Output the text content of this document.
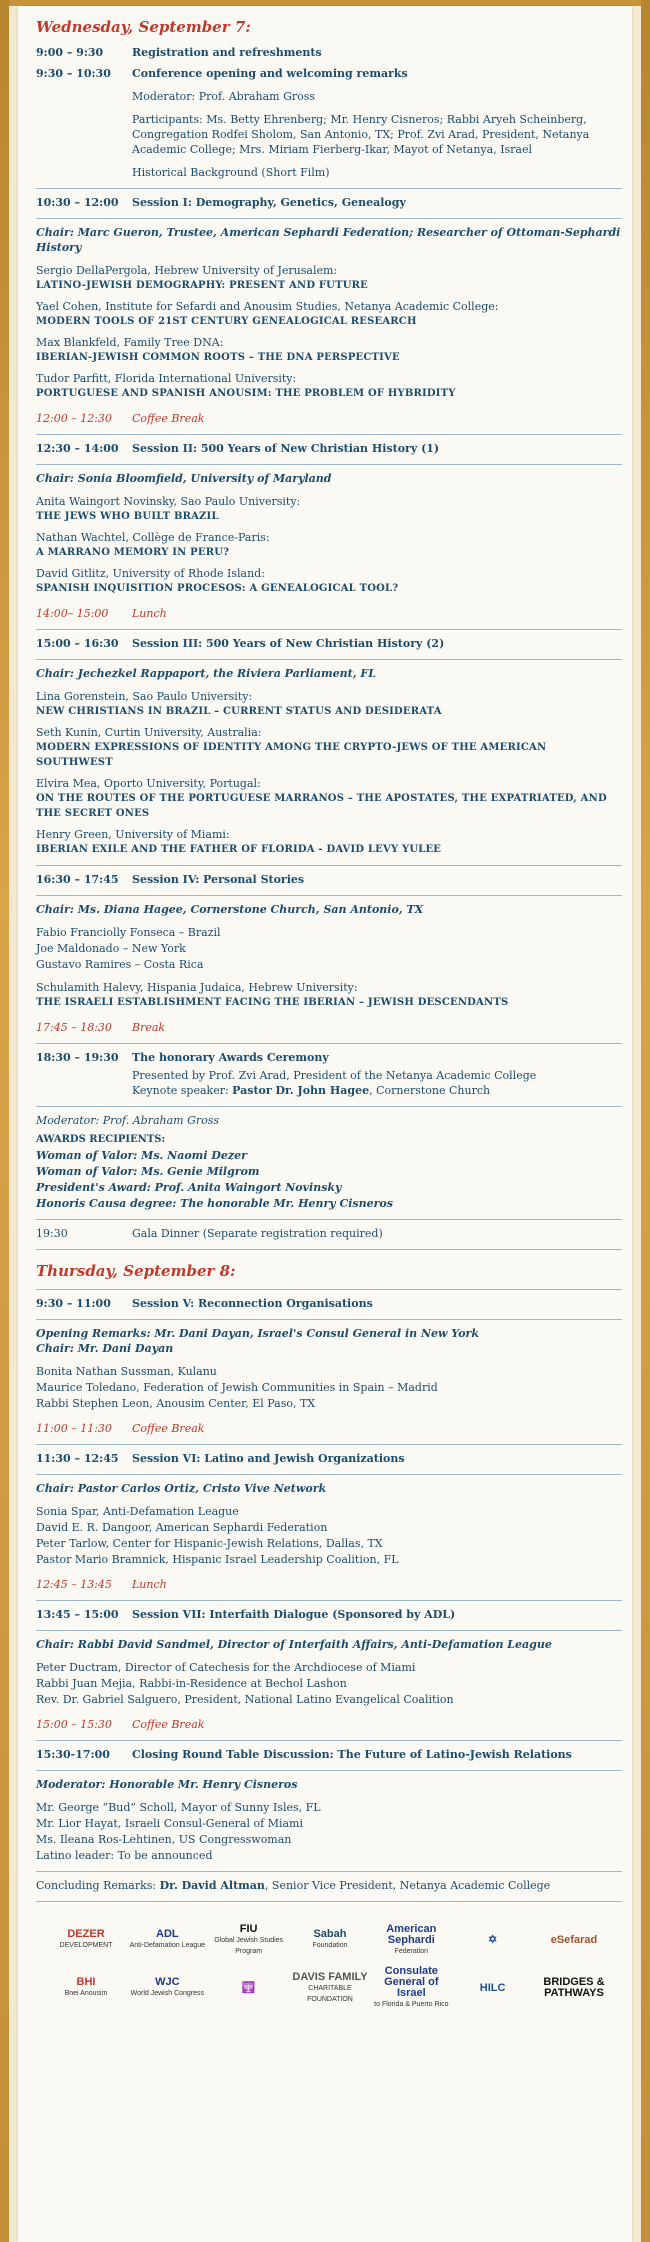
Wednesday, September 7:
9:00 – 9:30	Registration and refreshments
9:30 – 10:30	Conference opening and welcoming remarks
Moderator: Prof. Abraham Gross
Participants: Ms. Betty Ehrenberg; Mr. Henry Cisneros; Rabbi Aryeh Scheinberg, Congregation Rodfei Sholom, San Antonio, TX; Prof. Zvi Arad, President, Netanya Academic College; Mrs. Miriam Fierberg-Ikar, Mayot of Netanya, Israel
Historical Background (Short Film)
10:30 – 12:00	Session I: Demography, Genetics, Genealogy
Chair: Marc Gueron, Trustee, American Sephardi Federation; Researcher of Ottoman-Sephardi History
Sergio DellaPergola, Hebrew University of Jerusalem:
LATINO-JEWISH DEMOGRAPHY: PRESENT AND FUTURE
Yael Cohen, Institute for Sefardi and Anousim Studies, Netanya Academic College:
MODERN TOOLS OF 21ST CENTURY GENEALOGICAL RESEARCH
Max Blankfeld, Family Tree DNA:
IBERIAN-JEWISH COMMON ROOTS – THE DNA PERSPECTIVE
Tudor Parfitt, Florida International University:
PORTUGUESE AND SPANISH ANOUSIM: THE PROBLEM OF HYBRIDITY
12:00 – 12:30	Coffee Break
12:30 – 14:00	Session II: 500 Years of New Christian History (1)
Chair: Sonia Bloomfield, University of Maryland
Anita Waingort Novinsky, Sao Paulo University:
THE JEWS WHO BUILT BRAZIL
Nathan Wachtel, Collège de France-Paris:
A MARRANO MEMORY IN PERU?
David Gitlitz, University of Rhode Island:
SPANISH INQUISITION PROCESOS: A GENEALOGICAL TOOL?
14:00– 15:00	Lunch
15:00 – 16:30	Session III: 500 Years of New Christian History (2)
Chair: Jechezkel Rappaport, the Riviera Parliament, FL
Lina Gorenstein, Sao Paulo University:
NEW CHRISTIANS IN BRAZIL – CURRENT STATUS AND DESIDERATA
Seth Kunin, Curtin University, Australia:
MODERN EXPRESSIONS OF IDENTITY AMONG THE CRYPTO-JEWS OF THE AMERICAN SOUTHWEST
Elvira Mea, Oporto University, Portugal:
ON THE ROUTES OF THE PORTUGUESE MARRANOS – THE APOSTATES, THE EXPATRIATED, AND THE SECRET ONES
Henry Green, University of Miami:
IBERIAN EXILE AND THE FATHER OF FLORIDA - DAVID LEVY YULEE
16:30 – 17:45	Session IV: Personal Stories
Chair: Ms. Diana Hagee, Cornerstone Church, San Antonio, TX
Fabio Franciolly Fonseca – Brazil
Joe Maldonado – New York
Gustavo Ramires – Costa Rica
Schulamith Halevy, Hispania Judaica, Hebrew University:
THE ISRAELI ESTABLISHMENT FACING THE IBERIAN – JEWISH DESCENDANTS
17:45 – 18:30	Break
18:30 – 19:30	The honorary Awards Ceremony
Presented by Prof. Zvi Arad, President of the Netanya Academic College
Keynote speaker: Pastor Dr. John Hagee, Cornerstone Church
Moderator: Prof. Abraham Gross
AWARDS RECIPIENTS:
Woman of Valor: Ms. Naomi Dezer
Woman of Valor: Ms. Genie Milgrom
President's Award: Prof. Anita Waingort Novinsky
Honoris Causa degree: The honorable Mr. Henry Cisneros
19:30	Gala Dinner (Separate registration required)
Thursday, September 8:
9:30 – 11:00	Session V: Reconnection Organisations
Opening Remarks: Mr. Dani Dayan, Israel's Consul General in New York
Chair: Mr. Dani Dayan
Bonita Nathan Sussman, Kulanu
Maurice Toledano, Federation of Jewish Communities in Spain – Madrid
Rabbi Stephen Leon, Anousim Center, El Paso, TX
11:00 – 11:30	Coffee Break
11:30 – 12:45	Session VI: Latino and Jewish Organizations
Chair: Pastor Carlos Ortiz, Cristo Vive Network
Sonia Spar, Anti-Defamation League
David E. R. Dangoor, American Sephardi Federation
Peter Tarlow, Center for Hispanic-Jewish Relations, Dallas, TX
Pastor Mario Bramnick, Hispanic Israel Leadership Coalition, FL
12:45 – 13:45	Lunch
13:45 – 15:00	Session VII: Interfaith Dialogue (Sponsored by ADL)
Chair: Rabbi David Sandmel, Director of Interfaith Affairs, Anti-Defamation League
Peter Ductram, Director of Catechesis for the Archdiocese of Miami
Rabbi Juan Mejia, Rabbi-in-Residence at Bechol Lashon
Rev. Dr. Gabriel Salguero, President, National Latino Evangelical Coalition
15:00 – 15:30	Coffee Break
15:30-17:00	Closing Round Table Discussion: The Future of Latino-Jewish Relations
Moderator: Honorable Mr. Henry Cisneros
Mr. George “Bud” Scholl, Mayor of Sunny Isles, FL
Mr. Lior Hayat, Israeli Consul-General of Miami
Ms. Ileana Ros-Lehtinen, US Congresswoman
Latino leader: To be announced
Concluding Remarks: Dr. David Altman, Senior Vice President, Netanya Academic College
DEZER
DEVELOPMENT
ADL
Anti-Defamation League
FIU
Global Jewish Studies Program
Sabah
Foundation
American Sephardi
Federation
✡	eSefarad
BHI
Bnei Anousim
WJC
World Jewish Congress	🕎
DAVIS FAMILY
CHARITABLE FOUNDATION
Consulate General of Israel
to Florida & Puerto Rico
HILC	BRIDGES & PATHWAYS
